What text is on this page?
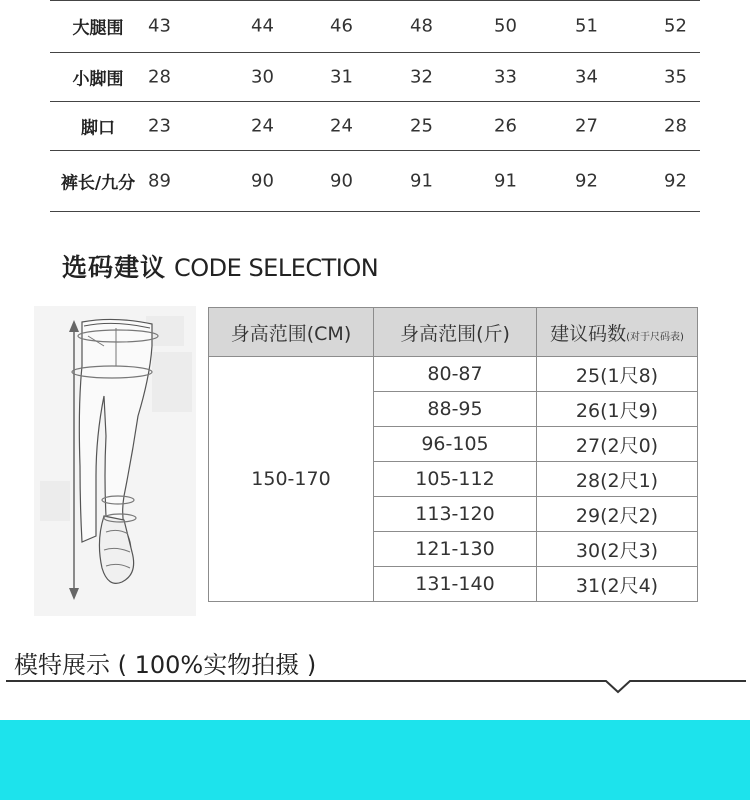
大腿围	43	44	46	48	50	51	52
小脚围	28	30	31	32	33	34	35
脚口	23	24	24	25	26	27	28
裤长/九分 89	90	90	91	91	92	92
选码建议 CODE SELECTION
身高范围(CM)	身高范围(斤)	建议码数(对于尺码表)
150-170	80-87	25(1尺8)
	88-95	26(1尺9)
	96-105	27(2尺0)
	105-112	28(2尺1)
	113-120	29(2尺2)
	121-130	30(2尺3)
	131-140	31(2尺4)
模特展示 ( 100%实物拍摄 )
